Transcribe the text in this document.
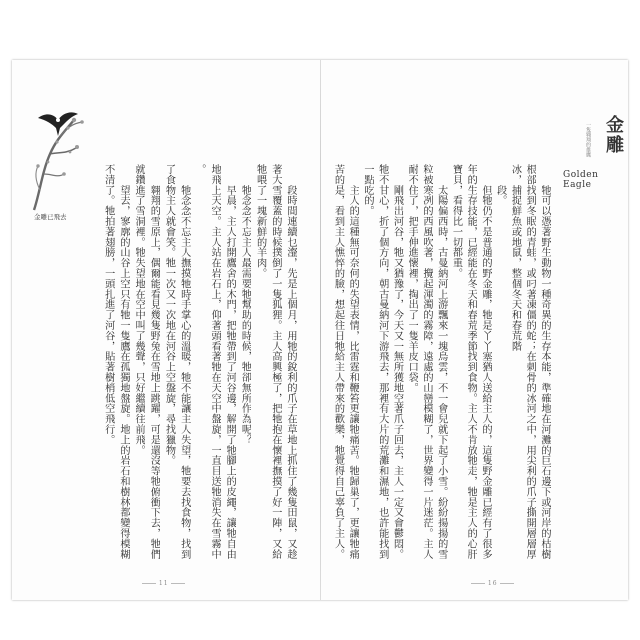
金雕已飛去	　　段時間連續乜瀣，先是上個月，用牠的銳利的爪子在草地上抓住了幾隻田鼠，又趁
著大雪覆蓋的時候撲倒了一隻狐狸。主人高興極了，把牠抱在懷裡撫摸了好一陣，又給
牠喂了一塊新鮮的羊肉。
　　牠念念不忘主人最需要牠幫助的時候，牠卻無所作為呢？
　　早晨，主人打開鷹舍的木門，把牠帶到了河谷邊，解開了牠腳上的皮繩，讓牠自由
地飛上天空。主人站在岩石上，仰著頭看著牠在天空中盤旋，一直目送牠消失在雪霧中
。
　　牠念念不忘主人撫摸牠時手掌心的溫暖，牠不能讓主人失望，牠要去找食物，找到
了食物主人就會笑。牠一次又一次地在河谷上空盤旋，尋找獵物。
　　翱翔的雪原上，偶爾能看見幾隻野兔在雪地上跳躍，可是還沒等牠俯衝下去，牠們
就鑽進了雪洞裡。牠失望地在空中叫了幾聲，只好繼續往前飛。
　　望去，寥廓的山谷上空只有牠一隻鷹在孤獨地盤旋。地上的岩石和樹林都變得模糊
不清了。牠拍著翅膀，一頭扎進了河谷，貼著樹梢低空飛行。
11
金雕
一隻翱翔的雄鷹
Golden Eagle
　　牠可以憑著野生動物一種奇異的生存本能，準確地在河灘的巨石邊下或河岸的枯樹
根部找到冬眠的青蛙，或叼著凍僵的蛇；在刺骨的冰河之中，用尖利的爪子撕開層層厚
冰，捕捉鮮魚或地鼠，整個冬天和春荒階
　　段。
　　但牠仍不是普通的野金雕，牠是丫丫塞猶人送給主人的，這隻野金雕已經有了很多
年的生存技能，已經能在冬天和春荒季節找到食物。主人不肯放牠走，牠是主人的心肝
寶貝，看得比一切都重。
　　太陽偏西時，古曼納河上游飄來一塊烏雲，不一會兒就下起了小雪。紛紛揚揚的雪
粒被寒冽的西風吹著，攪起渾濁的霧障，遠處的山巒模糊了，世界變得一片迷茫。主人
耐不住了，把手伸進懷裡，掏出了一隻羊皮口袋。
　　剛飛出河谷，牠又猶豫了，今天又一無所獲地空著爪子回去，主人一定又會鬱悶。
牠不甘心，折了個方向，朝古曼納河下游飛去，那裡有大片的荒灘和濕地，也許能找到
一點吃的。
　　主人的這種無可奈何的失望表情，比雷霆和鞭笞更讓牠痛苦。牠歸巢了，更讓牠痛
苦的是，看到主人憔悴的臉，想起往日牠給主人帶來的歡樂，牠覺得自己辜負了主人。
16
